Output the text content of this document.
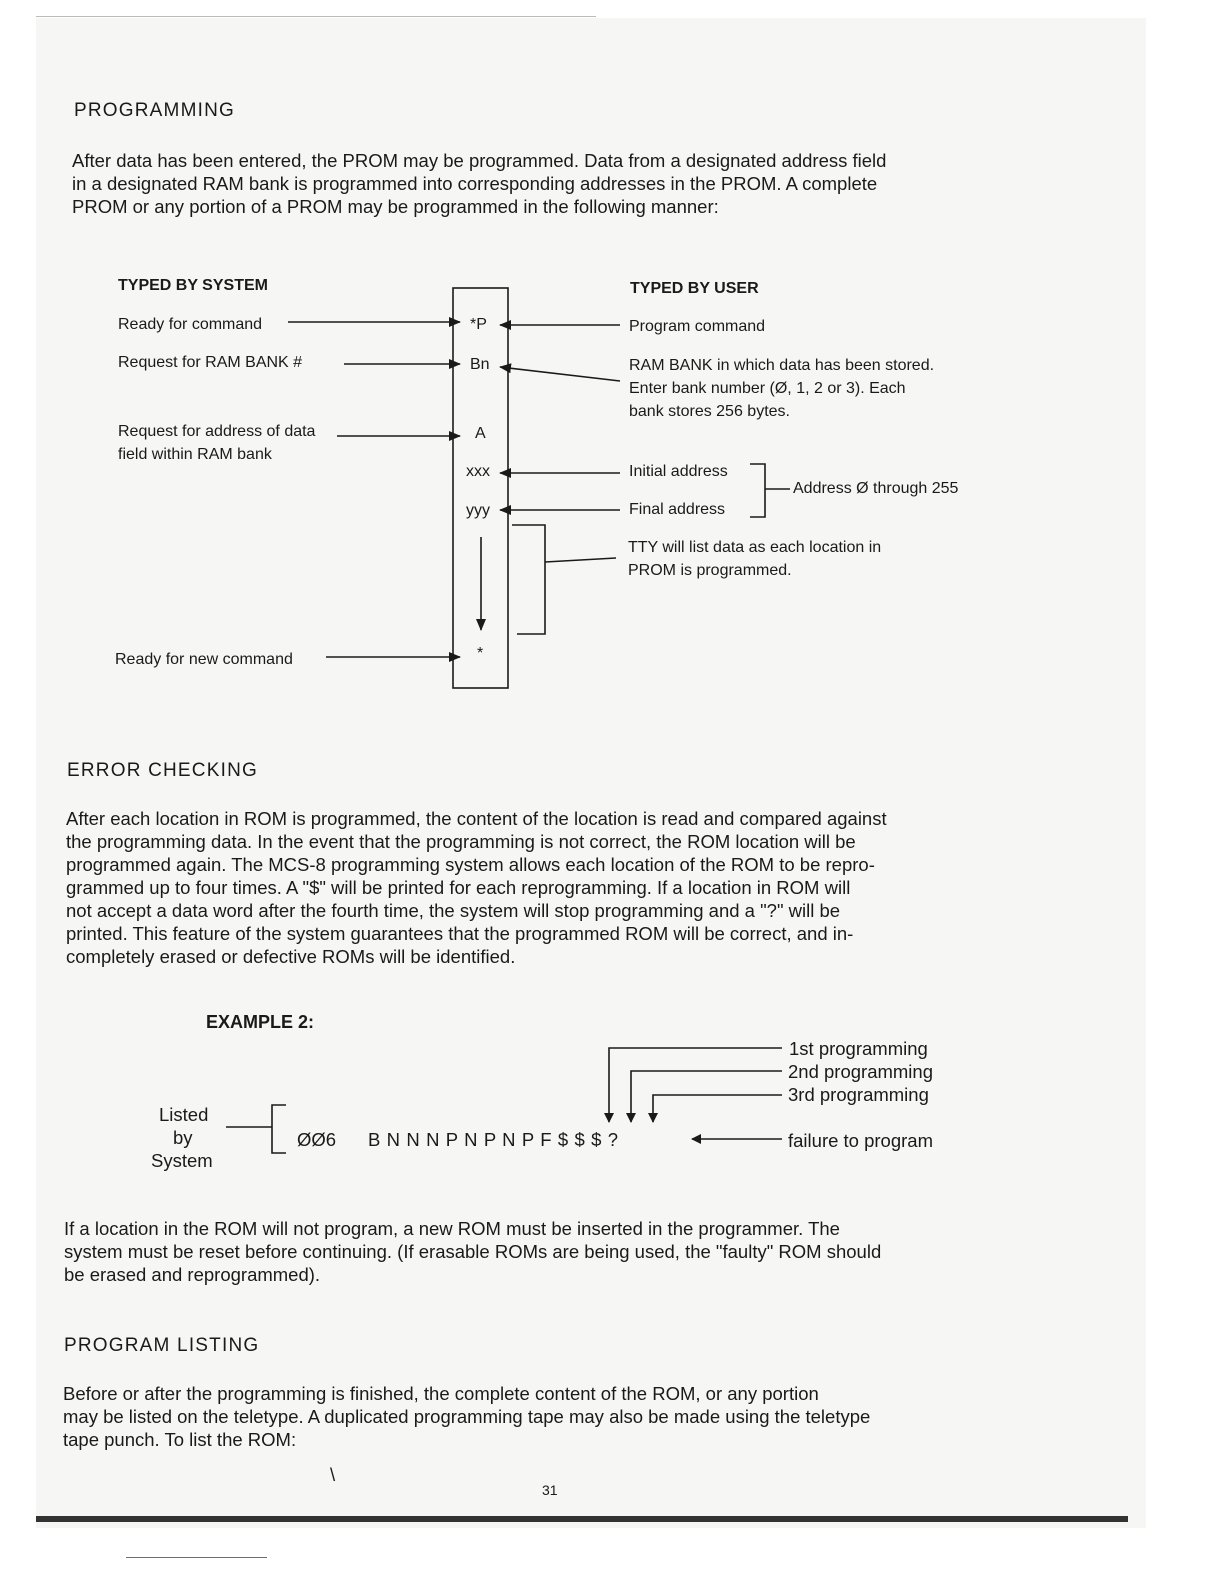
PROGRAMMING
After data has been entered, the PROM may be programmed. Data from a designated address field
in a designated RAM bank is programmed into corresponding addresses in the PROM. A complete
PROM or any portion of a PROM may be programmed in the following manner:
TYPED BY SYSTEM	TYPED BY USER
Ready for command
Request for RAM BANK #
Request for address of data
field within RAM bank
Ready for new command
*P
Bn
A
xxx
yyy
*
Program command
RAM BANK in which data has been stored.
Enter bank number (Ø, 1, 2 or 3). Each
bank stores 256 bytes.
Initial address
Final address
Address Ø through 255
TTY will list data as each location in
PROM is programmed.
ERROR CHECKING
After each location in ROM is programmed, the content of the location is read and compared against
the programming data. In the event that the programming is not correct, the ROM location will be
programmed again. The MCS-8 programming system allows each location of the ROM to be repro-
grammed up to four times. A "$" will be printed for each reprogramming. If a location in ROM will
not accept a data word after the fourth time, the system will stop programming and a "?" will be
printed. This feature of the system guarantees that the programmed ROM will be correct, and in-
completely erased or defective ROMs will be identified.
EXAMPLE 2:
Listed
by
System
ØØ6 B N N N P N P N P F $ $ $ ?
1st programming
2nd programming
3rd programming
failure to program
If a location in the ROM will not program, a new ROM must be inserted in the programmer. The
system must be reset before continuing. (If erasable ROMs are being used, the "faulty" ROM should
be erased and reprogrammed).
PROGRAM LISTING
Before or after the programming is finished, the complete content of the ROM, or any portion
may be listed on the teletype. A duplicated programming tape may also be made using the teletype
tape punch. To list the ROM:
\
31
